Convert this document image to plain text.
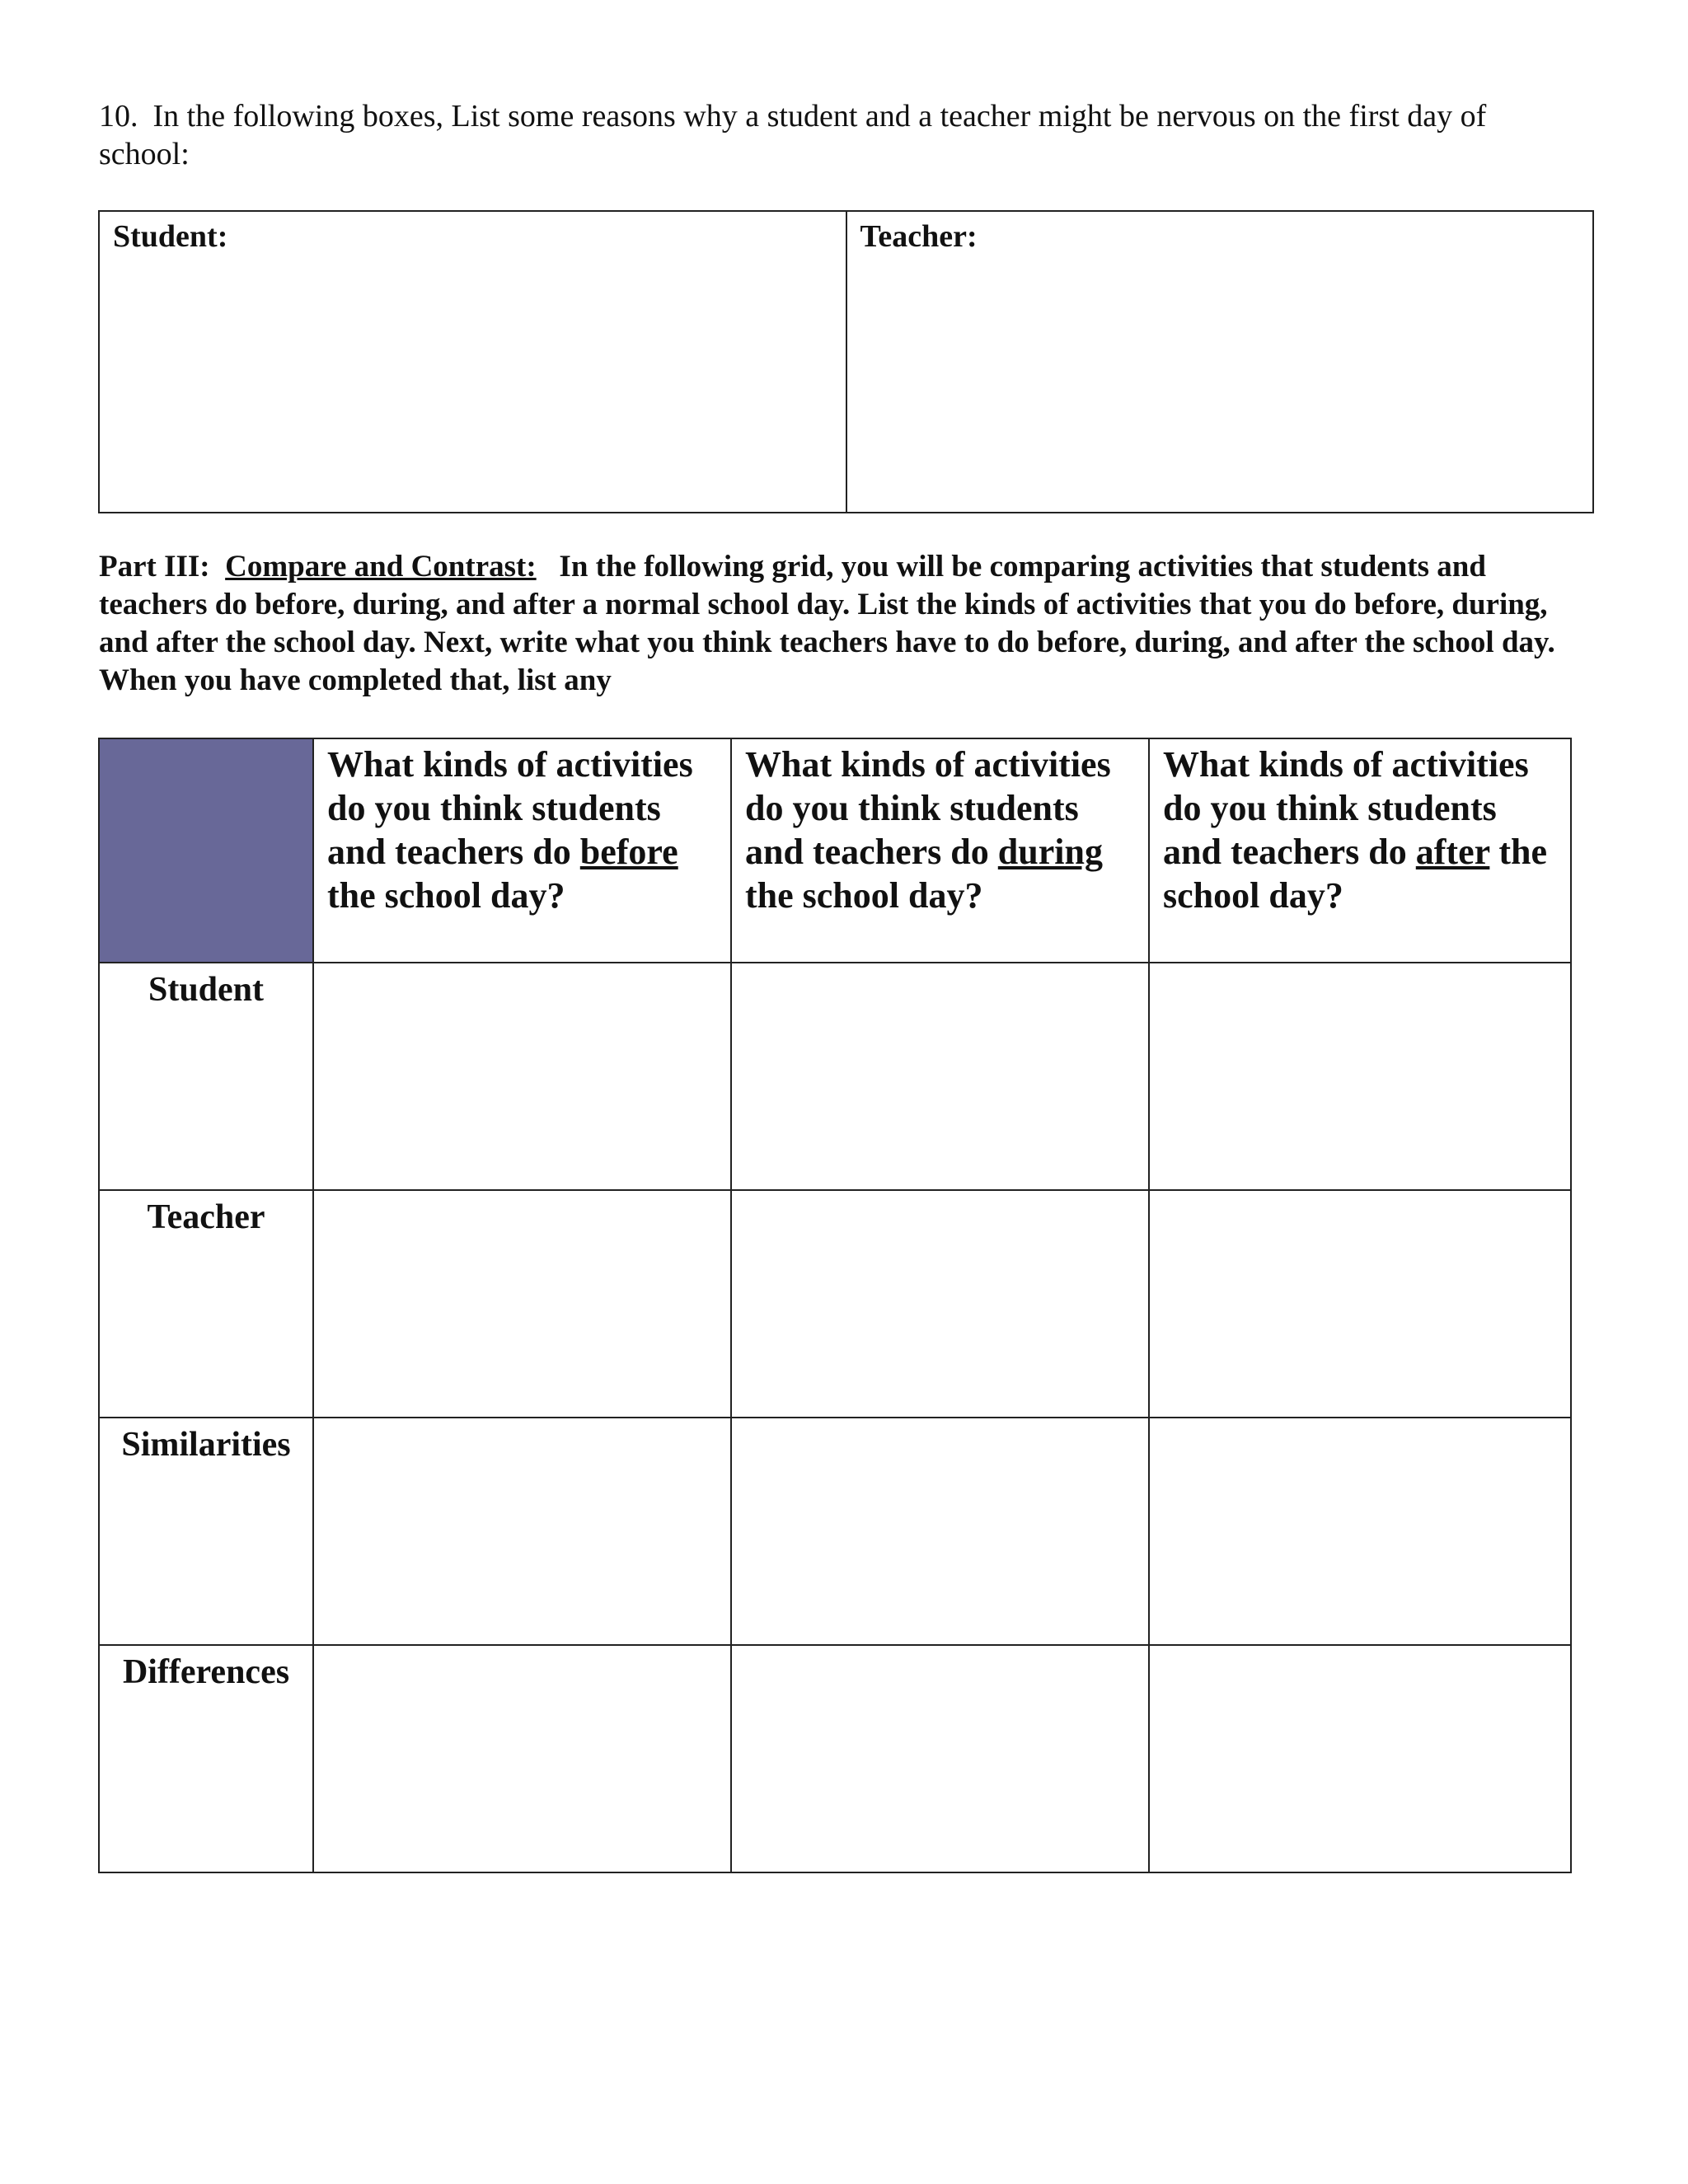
10. In the following boxes, List some reasons why a student and a teacher might be nervous on the first day of school:
Student:	Teacher:
Part III: Compare and Contrast: In the following grid, you will be comparing activities that students and teachers do before, during, and after a normal school day. List the kinds of activities that you do before, during, and after the school day. Next, write what you think teachers have to do before, during, and after the school day. When you have completed that, list any
	What kinds of activities do you think students and teachers do before the school day?	What kinds of activities do you think students and teachers do during the school day?	What kinds of activities do you think students and teachers do after the school day?
Student			
Teacher			
Similarities			
Differences			
